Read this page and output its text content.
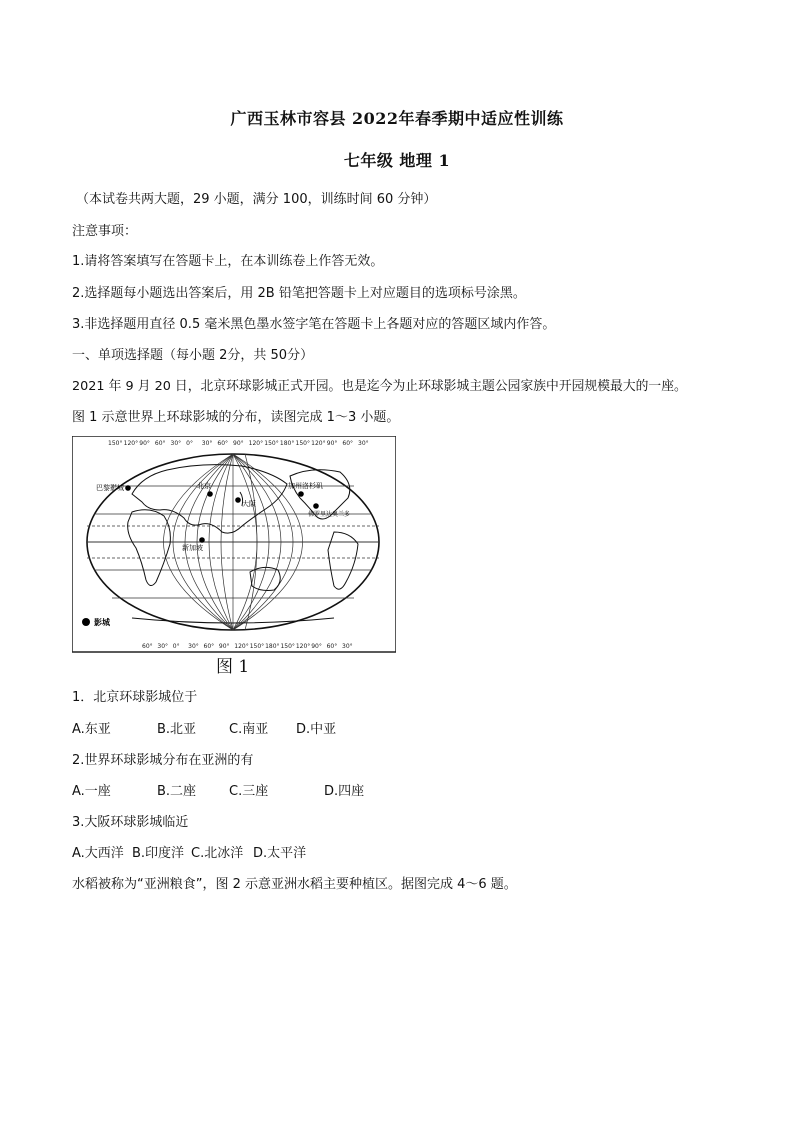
广西玉林市容县 2022年春季期中适应性训练
七年级 地理 1
（本试卷共两大题，29 小题，满分 100，训练时间 60 分钟）
注意事项：
1.请将答案填写在答题卡上，在本训练卷上作答无效。
2.选择题每小题选出答案后，用 2B 铅笔把答题卡上对应题目的选项标号涂黑。
3.非选择题用直径 0.5 毫米黑色墨水签字笔在答题卡上各题对应的答题区域内作答。
一、单项选择题（每小题 2分，共 50分）
2021 年 9 月 20 日，北京环球影城正式开园。也是迄今为止环球影城主题公园家族中开园规模最大的一座。
图 1 示意世界上环球影城的分布，读图完成 1～3 小题。
150° 120° 90° 60° 30° 0° 30° 60° 90° 120° 150° 180° 150° 120° 90° 60° 30°
60° 30° 0° 30° 60° 90° 120° 150° 180° 150° 120° 90° 60° 30°
北京
大阪
新加坡
加州洛杉矶
佛罗里达奥兰多
巴黎影城
影城
图 1
1．北京环球影城位于
A.东亚	B.北亚	C.南亚 D.中亚
2.世界环球影城分布在亚洲的有
A.一座	B.二座	C.三座	D.四座
3.大阪环球影城临近
A.大西洋 B.印度洋 C.北冰洋 D.太平洋
水稻被称为“亚洲粮食”，图 2 示意亚洲水稻主要种植区。据图完成 4～6 题。
